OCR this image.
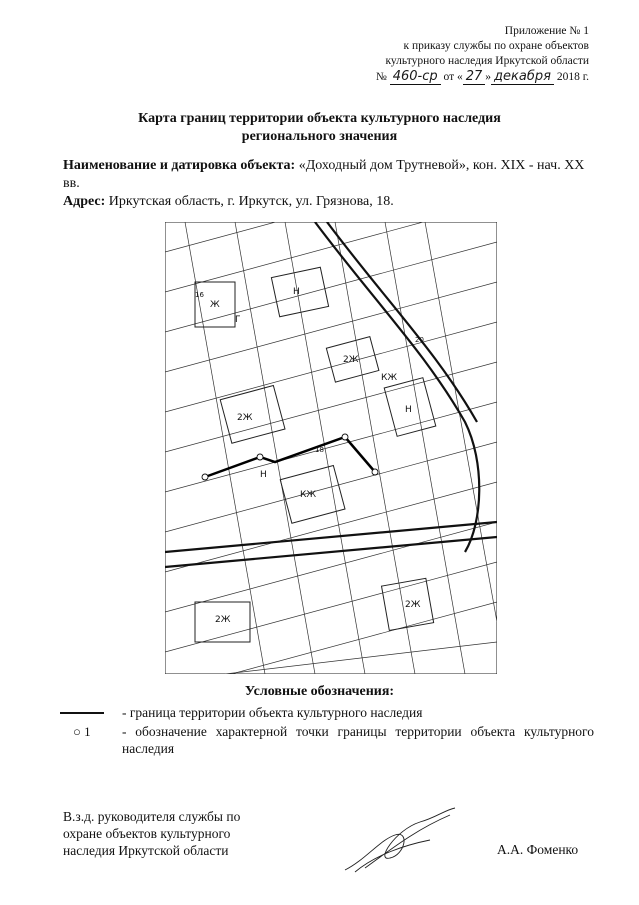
Приложение № 1
к приказу службы по охране объектов
культурного наследия Иркутской области
№ 460-ср от « 27 » декабря 2018 г.
Карта границ территории объекта культурного наследия
регионального значения

Наименование и датировка объекта: «Доходный дом Трутневой», кон. XIX - нач. XX вв.

Адрес: Иркутская область, г. Иркутск, ул. Грязнова, 18.

Ж
Н
2Ж
КЖ
2Ж
Н
КЖ
Н
2Ж
2Ж
Г
16
18
20
Условные обозначения:
- граница территории объекта культурного наследия
○ 1 - обозначение характерной точки границы территории объекта культурного наследия

В.з.д. руководителя службы по

охране объектов культурного

наследия Иркутской области	А.А. Фоменко
